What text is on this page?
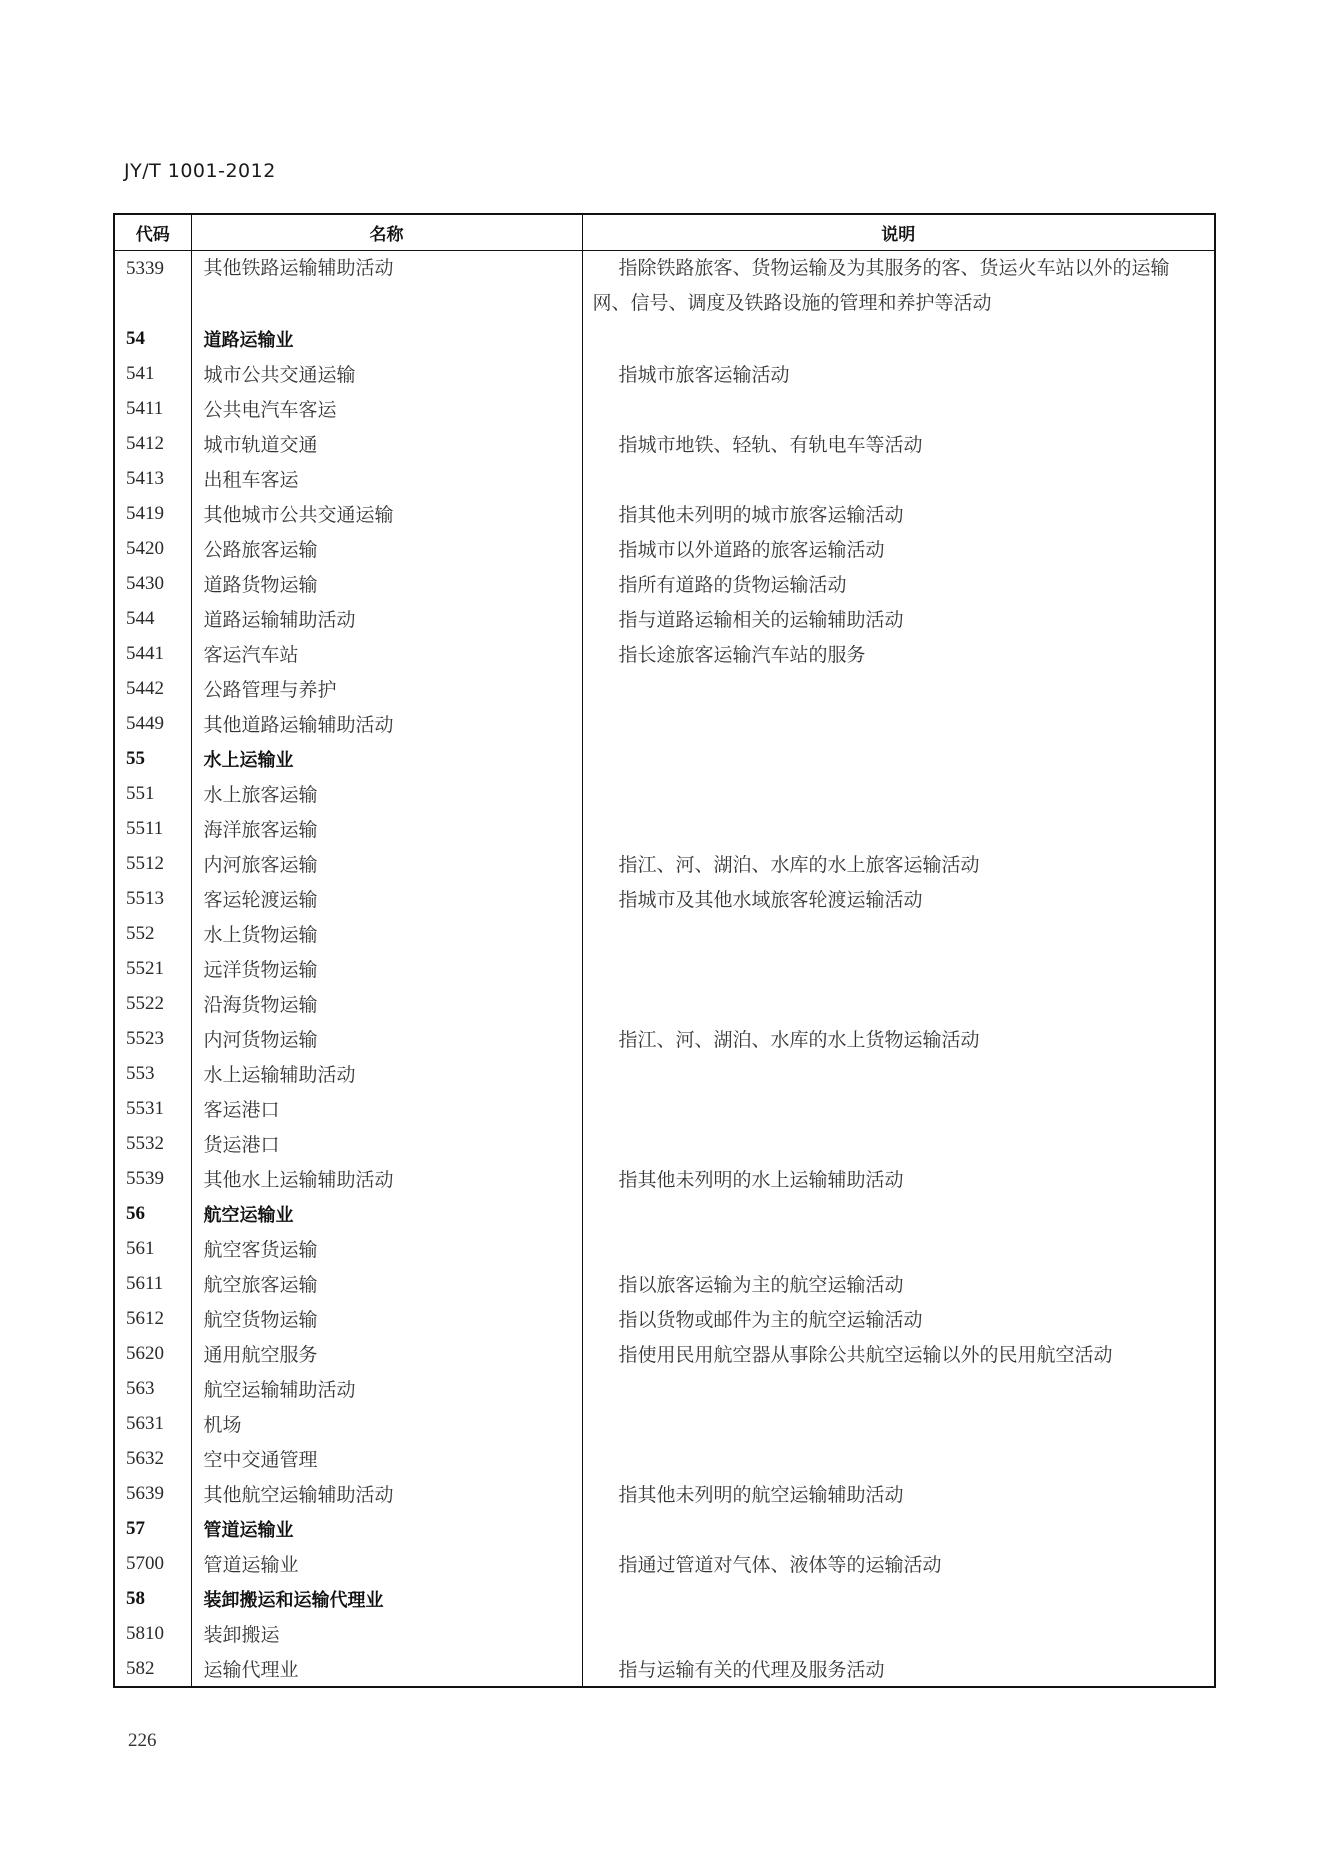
JY/T 1001-2012
代码	名称	说明
5339	其他铁路运输辅助活动	指除铁路旅客、货物运输及为其服务的客、货运火车站以外的运输网、信号、调度及铁路设施的管理和养护等活动
54	道路运输业	
541	城市公共交通运输	指城市旅客运输活动
5411	公共电汽车客运	
5412	城市轨道交通	指城市地铁、轻轨、有轨电车等活动
5413	出租车客运	
5419	其他城市公共交通运输	指其他未列明的城市旅客运输活动
5420	公路旅客运输	指城市以外道路的旅客运输活动
5430	道路货物运输	指所有道路的货物运输活动
544	道路运输辅助活动	指与道路运输相关的运输辅助活动
5441	客运汽车站	指长途旅客运输汽车站的服务
5442	公路管理与养护	
5449	其他道路运输辅助活动	
55	水上运输业	
551	水上旅客运输	
5511	海洋旅客运输	
5512	内河旅客运输	指江、河、湖泊、水库的水上旅客运输活动
5513	客运轮渡运输	指城市及其他水域旅客轮渡运输活动
552	水上货物运输	
5521	远洋货物运输	
5522	沿海货物运输	
5523	内河货物运输	指江、河、湖泊、水库的水上货物运输活动
553	水上运输辅助活动	
5531	客运港口	
5532	货运港口	
5539	其他水上运输辅助活动	指其他未列明的水上运输辅助活动
56	航空运输业	
561	航空客货运输	
5611	航空旅客运输	指以旅客运输为主的航空运输活动
5612	航空货物运输	指以货物或邮件为主的航空运输活动
5620	通用航空服务	指使用民用航空器从事除公共航空运输以外的民用航空活动
563	航空运输辅助活动	
5631	机场	
5632	空中交通管理	
5639	其他航空运输辅助活动	指其他未列明的航空运输辅助活动
57	管道运输业	
5700	管道运输业	指通过管道对气体、液体等的运输活动
58	装卸搬运和运输代理业	
5810	装卸搬运	
582	运输代理业	指与运输有关的代理及服务活动
226
